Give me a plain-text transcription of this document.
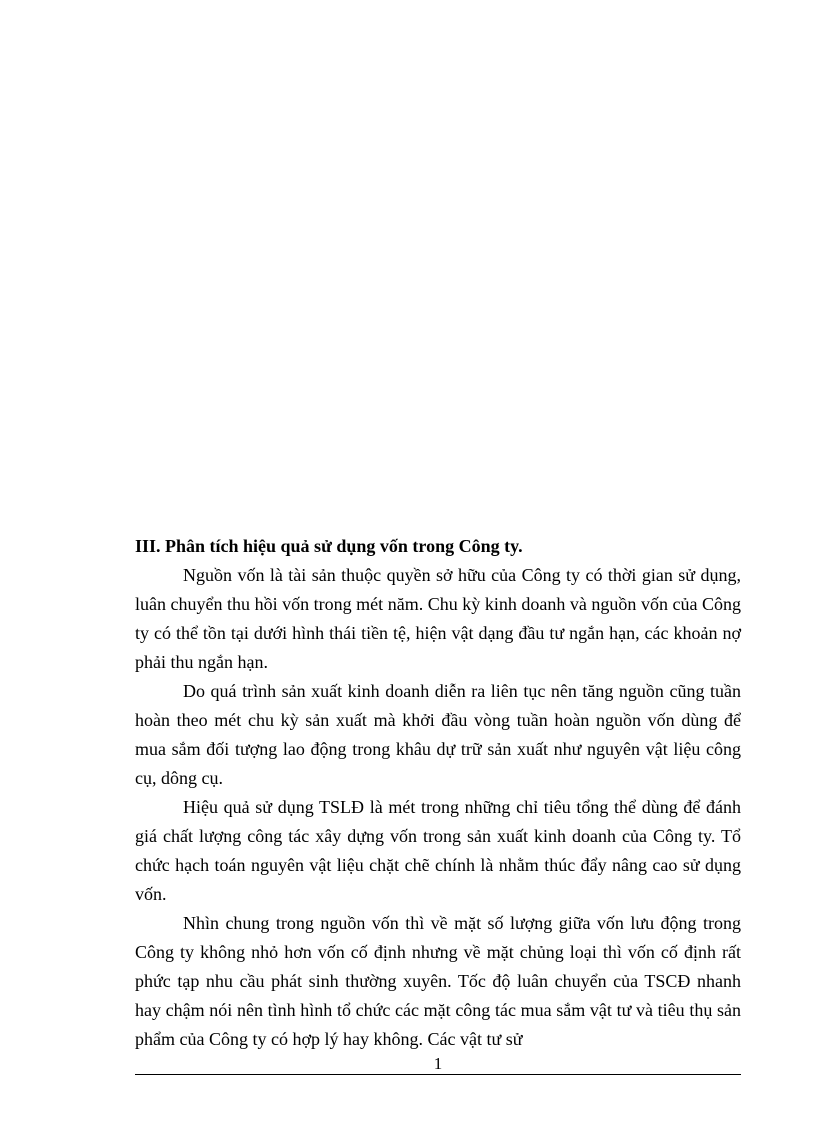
III. Phân tích hiệu quả sử dụng vốn trong Công ty.

Nguồn vốn là tài sản thuộc quyền sở hữu của Công ty có thời gian sử dụng, luân chuyển thu hồi vốn trong mét năm. Chu kỳ kinh doanh và nguồn vốn của Công ty có thể tồn tại dưới hình thái tiền tệ, hiện vật dạng đầu tư ngắn hạn, các khoản nợ phải thu ngắn hạn.

Do quá trình sản xuất kinh doanh diễn ra liên tục nên tăng nguồn cũng tuần hoàn theo mét chu kỳ sản xuất mà khởi đầu vòng tuần hoàn nguồn vốn dùng để mua sắm đối tượng lao động trong khâu dự trữ sản xuất như nguyên vật liệu công cụ, dông cụ.

Hiệu quả sử dụng TSLĐ là mét trong những chỉ tiêu tổng thể dùng để đánh giá chất lượng công tác xây dựng vốn trong sản xuất kinh doanh của Công ty. Tổ chức hạch toán nguyên vật liệu chặt chẽ chính là nhằm thúc đẩy nâng cao sử dụng vốn.

Nhìn chung trong nguồn vốn thì về mặt số lượng giữa vốn lưu động trong Công ty không nhỏ hơn vốn cố định nhưng về mặt chủng loại thì vốn cố định rất phức tạp nhu cầu phát sinh thường xuyên. Tốc độ luân chuyển của TSCĐ nhanh hay chậm nói nên tình hình tổ chức các mặt công tác mua sắm vật tư và tiêu thụ sản phẩm của Công ty có hợp lý hay không. Các vật tư sử

1
